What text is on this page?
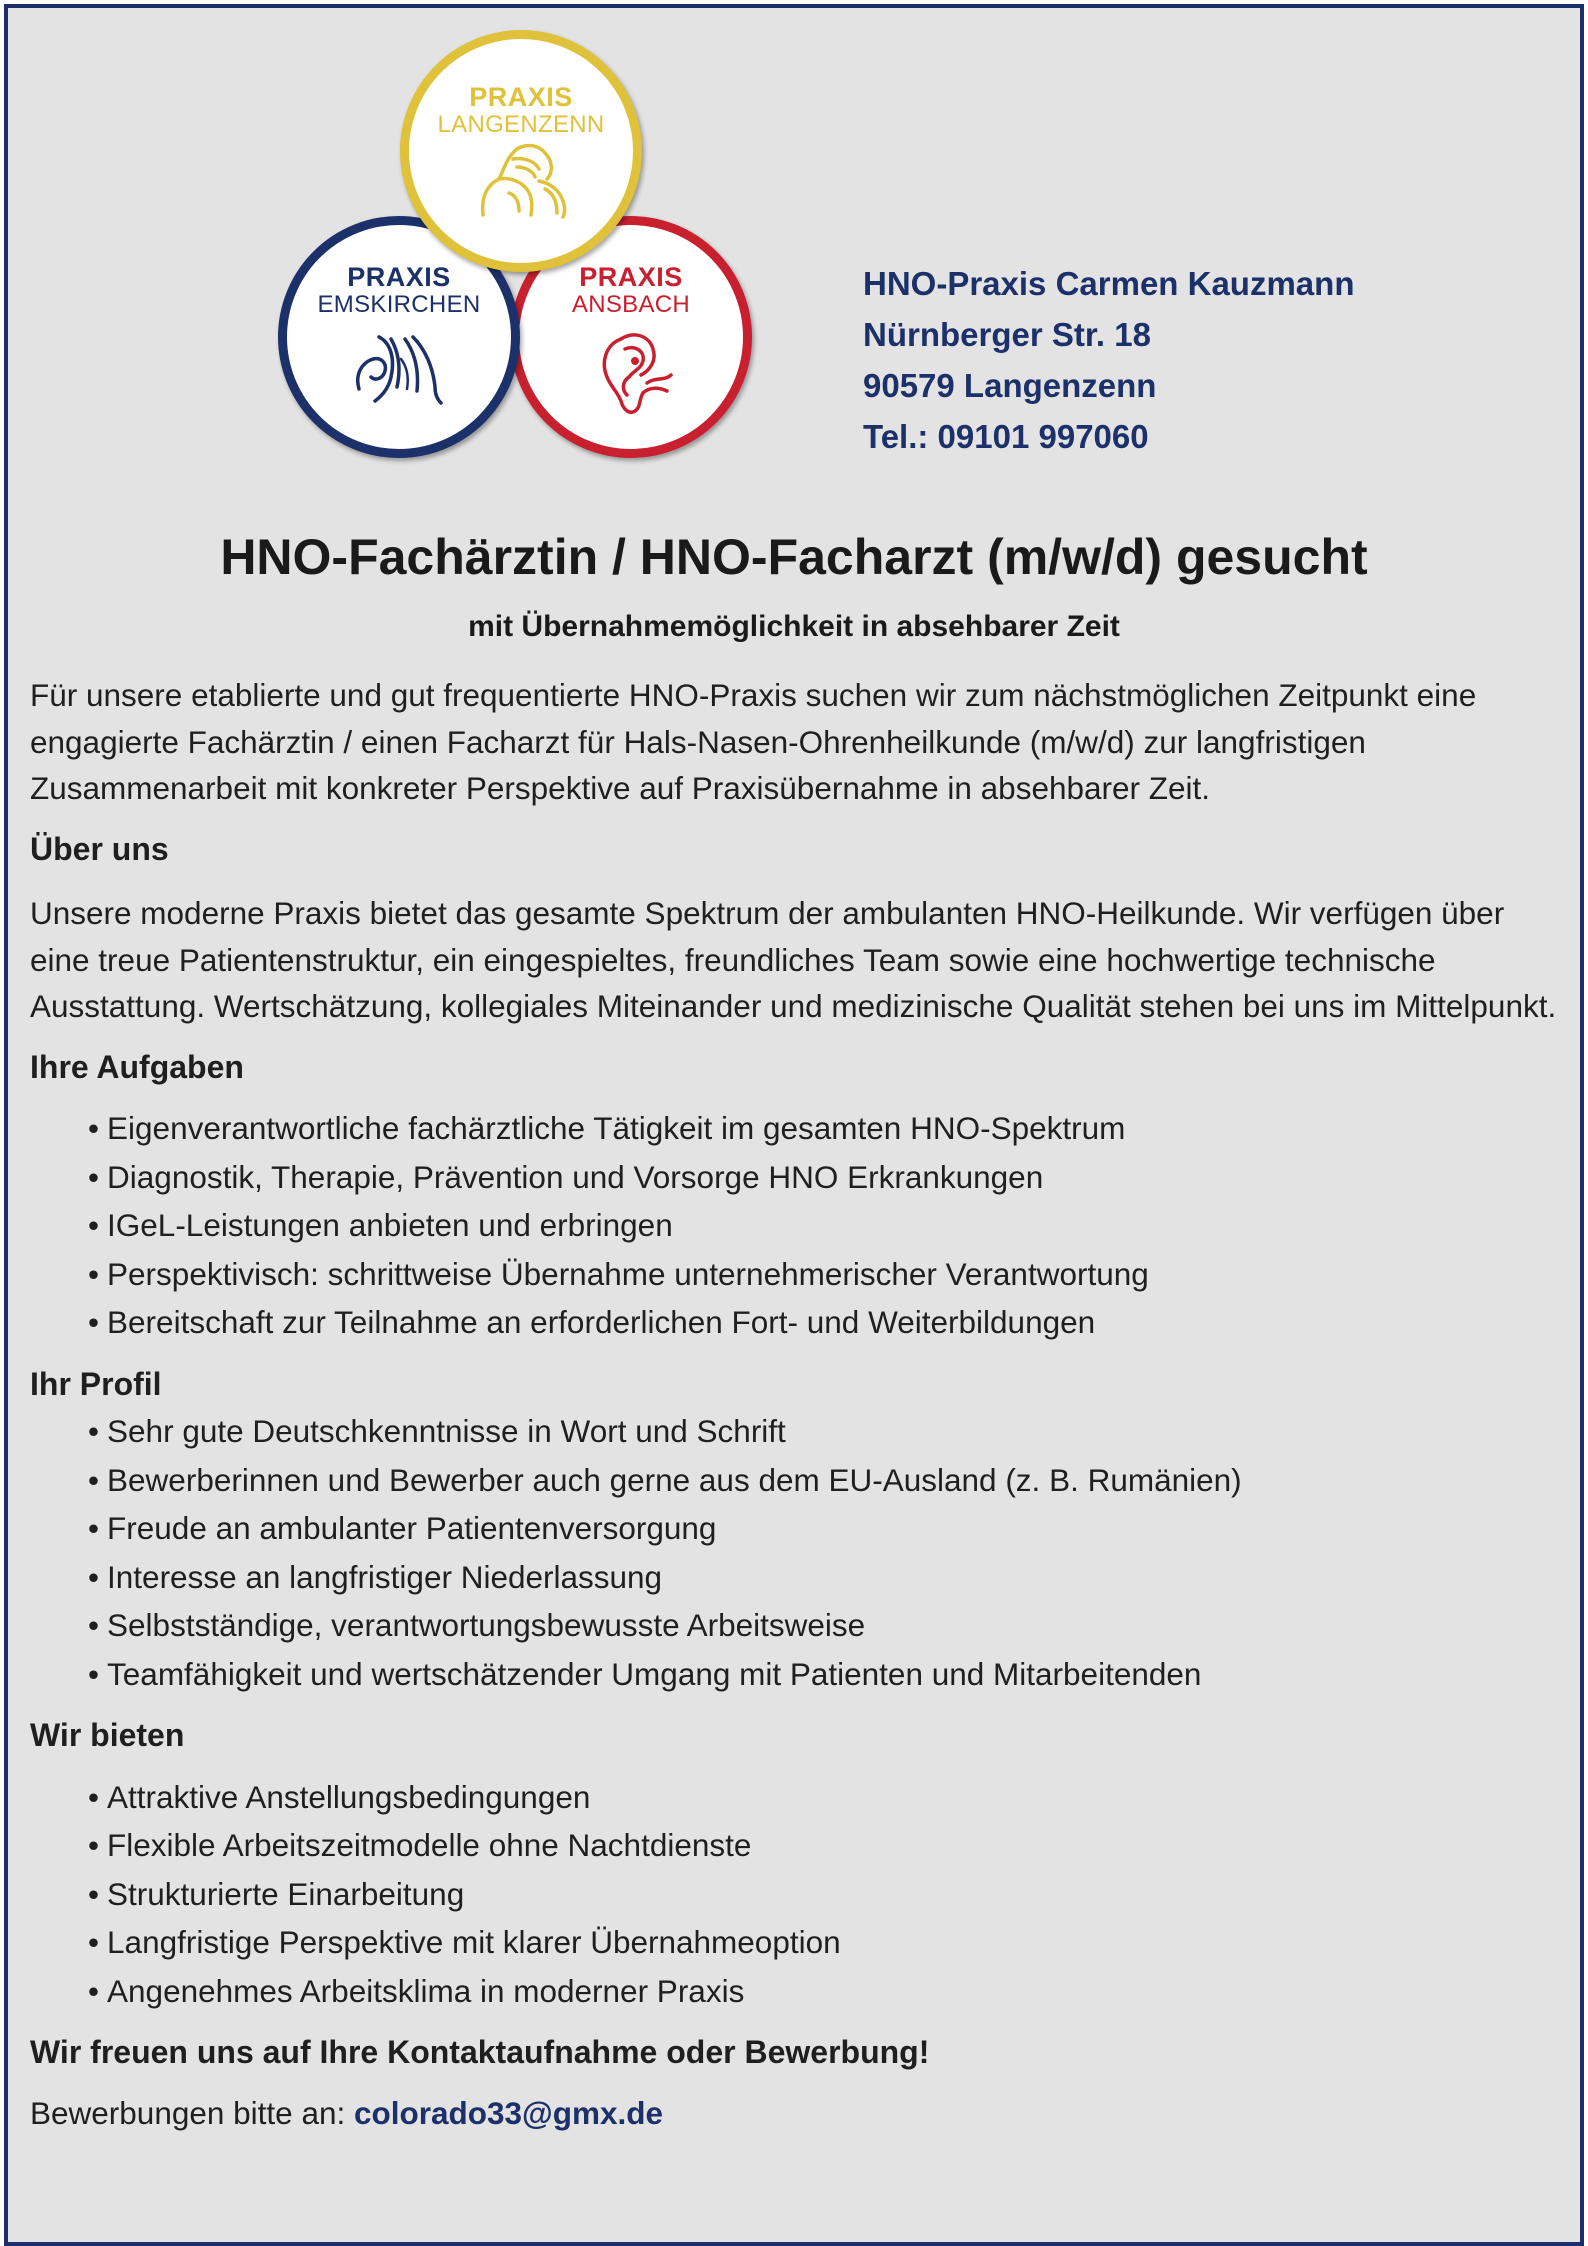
PRAXIS
LANGENZENN
PRAXIS
EMSKIRCHEN
PRAXIS
ANSBACH
HNO-Praxis Carmen Kauzmann
Nürnberger Str. 18
90579 Langenzenn
Tel.: 09101 997060
HNO-Fachärztin / HNO-Facharzt (m/w/d) gesucht
mit Übernahmemöglichkeit in absehbarer Zeit

Für unsere etablierte und gut frequentierte HNO-Praxis suchen wir zum nächstmöglichen Zeitpunkt eine engagierte Fachärztin / einen Facharzt für Hals-Nasen-Ohrenheilkunde (m/w/d) zur langfristigen Zusammenarbeit mit konkreter Perspektive auf Praxisübernahme in absehbarer Zeit.

Über uns

Unsere moderne Praxis bietet das gesamte Spektrum der ambulanten HNO-Heilkunde. Wir verfügen über eine treue Patientenstruktur, ein eingespieltes, freundliches Team sowie eine hochwertige technische Ausstattung. Wertschätzung, kollegiales Miteinander und medizinische Qualität stehen bei uns im Mittelpunkt.

Ihre Aufgaben

• Eigenverantwortliche fachärztliche Tätigkeit im gesamten HNO-Spektrum
• Diagnostik, Therapie, Prävention und Vorsorge HNO Erkrankungen
• IGeL-Leistungen anbieten und erbringen
• Perspektivisch: schrittweise Übernahme unternehmerischer Verantwortung
• Bereitschaft zur Teilnahme an erforderlichen Fort- und Weiterbildungen

Ihr Profil

• Sehr gute Deutschkenntnisse in Wort und Schrift
• Bewerberinnen und Bewerber auch gerne aus dem EU-Ausland (z. B. Rumänien)
• Freude an ambulanter Patientenversorgung
• Interesse an langfristiger Niederlassung
• Selbstständige, verantwortungsbewusste Arbeitsweise
• Teamfähigkeit und wertschätzender Umgang mit Patienten und Mitarbeitenden

Wir bieten

• Attraktive Anstellungsbedingungen
• Flexible Arbeitszeitmodelle ohne Nachtdienste
• Strukturierte Einarbeitung
• Langfristige Perspektive mit klarer Übernahmeoption
• Angenehmes Arbeitsklima in moderner Praxis

Wir freuen uns auf Ihre Kontaktaufnahme oder Bewerbung!

Bewerbungen bitte an: colorado33@gmx.de
